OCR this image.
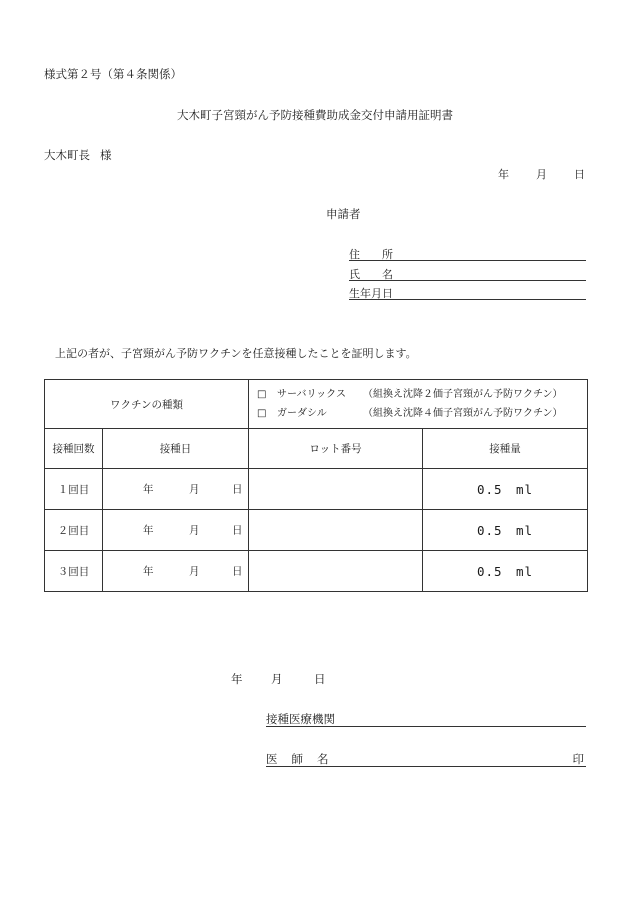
様式第２号（第４条関係）
大木町子宮頸がん予防接種費助成金交付申請用証明書
大木町長 様
年 月 日
申請者
住　　所
氏　　名
生年月日
上記の者が、子宮頸がん予防ワクチンを任意接種したことを証明します。
ワクチンの種類		□ サーバリックス （組換え沈降２価子宮頸がん予防ワクチン）
□ ガーダシル （組換え沈降４価子宮頸がん予防ワクチン）	

接種回数	接種日	ロット番号	接種量
１回目	年 月 日		0.5　ml
２回目	年 月 日		0.5　ml
３回目	年 月 日		0.5　ml
年 月	日
接種医療機関
医師名	印
